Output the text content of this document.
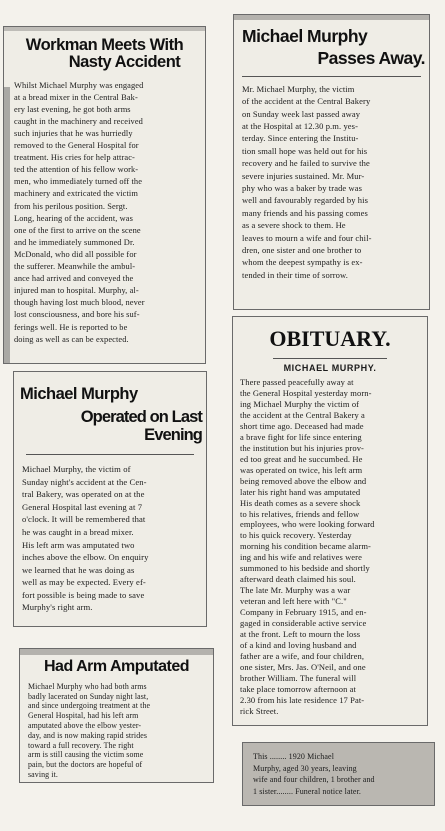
Workman Meets With
Nasty Accident

Whilst Michael Murphy was engaged
at a bread mixer in the Central Bak-
ery last evening, he got both arms
caught in the machinery and received
such injuries that he was hurriedly
removed to the General Hospital for
treatment. His cries for help attrac-
ted the attention of his fellow work-
men, who immediately turned off the
machinery and extricated the victim
from his perilous position. Sergt.
Long, hearing of the accident, was
one of the first to arrive on the scene
and he immediately summoned Dr.
McDonald, who did all possible for
the sufferer. Meanwhile the ambul-
ance had arrived and conveyed the
injured man to hospital. Murphy, al-
though having lost much blood, never
lost consciousness, and bore his suf-
ferings well. He is reported to be
doing as well as can be expected.

Michael Murphy
Passes Away.

Mr. Michael Murphy, the victim
of the accident at the Central Bakery
on Sunday week last passed away
at the Hospital at 12.30 p.m. yes-
terday. Since entering the Institu-
tion small hope was held out for his
recovery and he failed to survive the
severe injuries sustained. Mr. Mur-
phy who was a baker by trade was
well and favourably regarded by his
many friends and his passing comes
as a severe shock to them. He
leaves to mourn a wife and four chil-
dren, one sister and one brother to
whom the deepest sympathy is ex-
tended in their time of sorrow.

Michael Murphy
Operated on Last Evening

Michael Murphy, the victim of
Sunday night's accident at the Cen-
tral Bakery, was operated on at the
General Hospital last evening at 7
o'clock. It will be remembered that
he was caught in a bread mixer.
His left arm was amputated two
inches above the elbow. On enquiry
we learned that he was doing as
well as may be expected. Every ef-
fort possible is being made to save
Murphy's right arm.

Had Arm Amputated

Michael Murphy who had both arms
badly lacerated on Sunday night last,
and since undergoing treatment at the
General Hospital, had his left arm
amputated above the elbow yester-
day, and is now making rapid strides
toward a full recovery. The right
arm is still causing the victim some
pain, but the doctors are hopeful of
saving it.

OBITUARY.
MICHAEL MURPHY.

There passed peacefully away at
the General Hospital yesterday morn-
ing Michael Murphy the victim of
the accident at the Central Bakery a
short time ago. Deceased had made
a brave fight for life since entering
the institution but his injuries prov-
ed too great and he succumbed. He
was operated on twice, his left arm
being removed above the elbow and
later his right hand was amputated
His death comes as a severe shock
to his relatives, friends and fellow
employees, who were looking forward
to his quick recovery. Yesterday
morning his condition became alarm-
ing and his wife and relatives were
summoned to his bedside and shortly
afterward death claimed his soul.
The late Mr. Murphy was a war
veteran and left here with "C."
Company in February 1915, and en-
gaged in considerable active service
at the front. Left to mourn the loss
of a kind and loving husband and
father are a wife, and four children,
one sister, Mrs. Jas. O'Neil, and one
brother William. The funeral will
take place tomorrow afternoon at
2.30 from his late residence 17 Pat-
rick Street.

This ........ 1920 Michael
Murphy, aged 30 years, leaving
wife and four children, 1 brother and
1 sister........ Funeral notice later.
